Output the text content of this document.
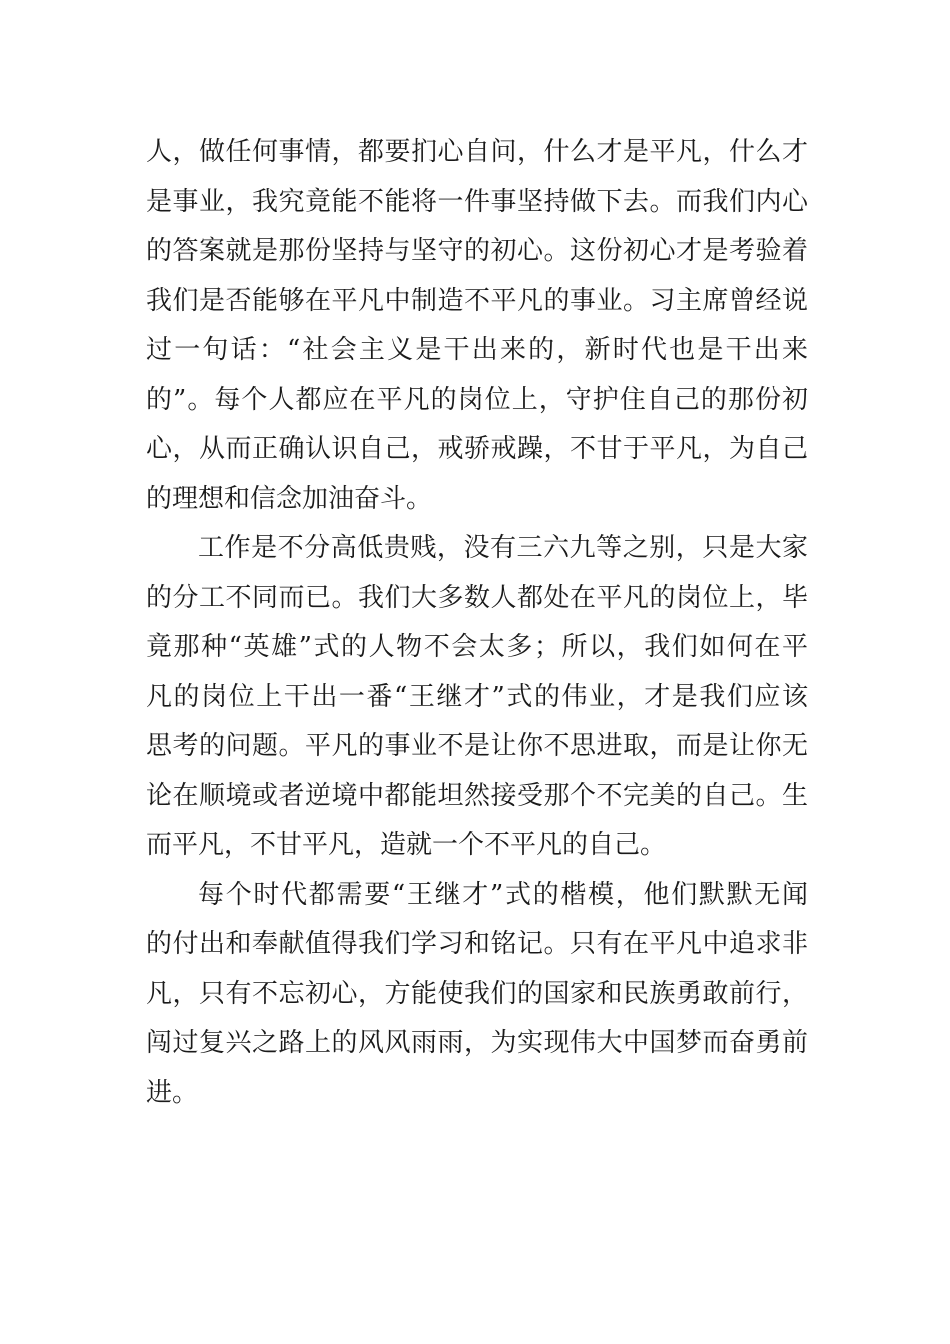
人，做任何事情，都要扪心自问，什么才是平凡，什么才
是事业，我究竟能不能将一件事坚持做下去。而我们内心
的答案就是那份坚持与坚守的初心。这份初心才是考验着
我们是否能够在平凡中制造不平凡的事业。习主席曾经说
过一句话：“社会主义是干出来的，新时代也是干出来
的”。每个人都应在平凡的岗位上，守护住自己的那份初
心，从而正确认识自己，戒骄戒躁，不甘于平凡，为自己
的理想和信念加油奋斗。
工作是不分高低贵贱，没有三六九等之别，只是大家
的分工不同而已。我们大多数人都处在平凡的岗位上，毕
竟那种“英雄”式的人物不会太多；所以，我们如何在平
凡的岗位上干出一番“王继才”式的伟业，才是我们应该
思考的问题。平凡的事业不是让你不思进取，而是让你无
论在顺境或者逆境中都能坦然接受那个不完美的自己。生
而平凡，不甘平凡，造就一个不平凡的自己。
每个时代都需要“王继才”式的楷模，他们默默无闻
的付出和奉献值得我们学习和铭记。只有在平凡中追求非
凡，只有不忘初心，方能使我们的国家和民族勇敢前行，
闯过复兴之路上的风风雨雨，为实现伟大中国梦而奋勇前
进。
